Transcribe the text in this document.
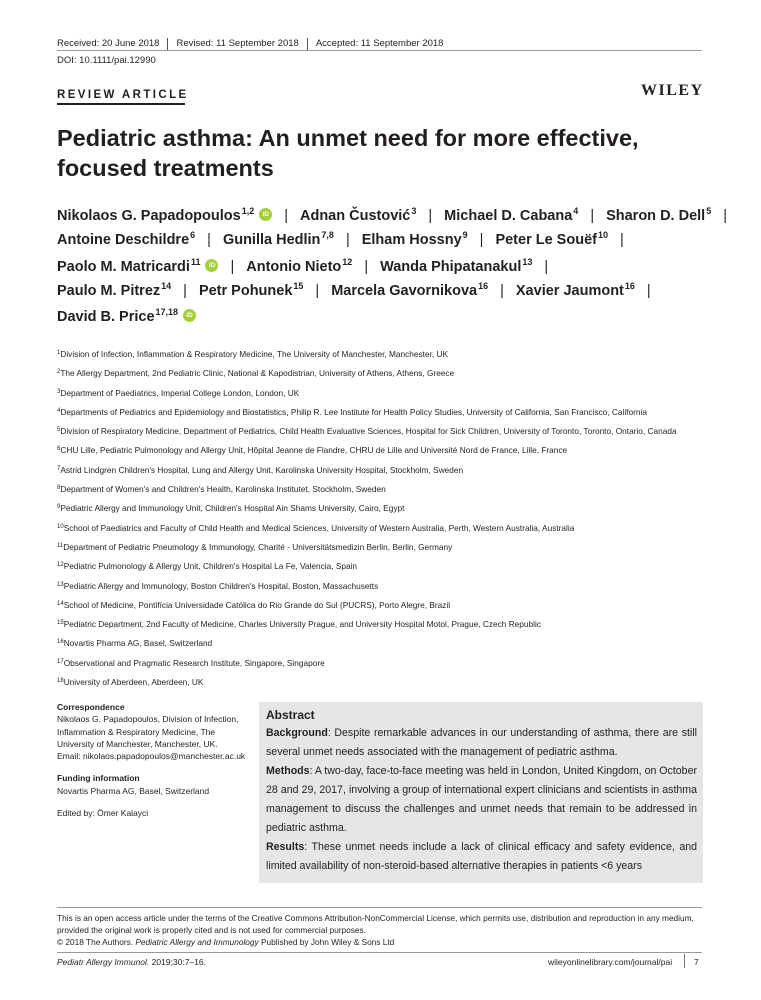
Received: 20 June 2018 Revised: 11 September 2018 Accepted: 11 September 2018
DOI: 10.1111/pai.12990
REVIEW ARTICLE	WILEY
Pediatric asthma: An unmet need for more effective, focused treatments
Nikolaos G. Papadopoulos$^{1,2}$ iD | Adnan Čustović$^3$ | Michael D. Cabana$^4$ | Sharon D. Dell$^5$ |
Antoine Deschildre$^6$ | Gunilla Hedlin$^{7,8}$ | Elham Hossny$^9$ | Peter Le Souëf$^{10}$ |
Paolo M. Matricardi$^{11}$ iD | Antonio Nieto$^{12}$ | Wanda Phipatanakul$^{13}$ |
Paulo M. Pitrez$^{14}$ | Petr Pohunek$^{15}$ | Marcela Gavornikova$^{16}$ | Xavier Jaumont$^{16}$ |
David B. Price$^{17,18}$
iD
$^1$Division of Infection, Inflammation & Respiratory Medicine, The University of Manchester, Manchester, UK
$^2$The Allergy Department, 2nd Pediatric Clinic, National & Kapodistrian, University of Athens, Athens, Greece
$^3$Department of Paediatrics, Imperial College London, London, UK
$^4$Departments of Pediatrics and Epidemiology and Biostatistics, Philip R. Lee Institute for Health Policy Studies, University of California, San Francisco, California
$^5$Division of Respiratory Medicine, Department of Pediatrics, Child Health Evaluative Sciences, Hospital for Sick Children, University of Toronto, Toronto, Ontario, Canada
$^6$CHU Lille, Pediatric Pulmonology and Allergy Unit, Hôpital Jeanne de Flandre, CHRU de Lille and Université Nord de France, Lille, France
$^7$Astrid Lindgren Children's Hospital, Lung and Allergy Unit, Karolinska University Hospital, Stockholm, Sweden
$^8$Department of Women's and Children's Health, Karolinska Institutet, Stockholm, Sweden
$^9$Pediatric Allergy and Immunology Unit, Children's Hospital Ain Shams University, Cairo, Egypt
$^{10}$School of Paediatrics and Faculty of Child Health and Medical Sciences, University of Western Australia, Perth, Western Australia, Australia
$^{11}$Department of Pediatric Pneumology & Immunology, Charité - Universitätsmedizin Berlin, Berlin, Germany
$^{12}$Pediatric Pulmonology & Allergy Unit, Children's Hospital La Fe, Valencia, Spain
$^{13}$Pediatric Allergy and Immunology, Boston Children's Hospital, Boston, Massachusetts
$^{14}$School of Medicine, Pontifícia Universidade Católica do Rio Grande do Sul (PUCRS), Porto Alegre, Brazil
$^{15}$Pediatric Department, 2nd Faculty of Medicine, Charles University Prague, and University Hospital Motol, Prague, Czech Republic
$^{16}$Novartis Pharma AG, Basel, Switzerland
$^{17}$Observational and Pragmatic Research Institute, Singapore, Singapore
$^{18}$University of Aberdeen, Aberdeen, UK

Correspondence

Nikolaos G. Papadopoulos, Division of Infection, Inflammation & Respiratory Medicine, The University of Manchester, Manchester, UK.

Email: nikolaos.papadopoulos@manchester.ac.uk

Funding information

Novartis Pharma AG, Basel, Switzerland

Edited by: Ömer Kalayci

Abstract

Background: Despite remarkable advances in our understanding of asthma, there are still several unmet needs associated with the management of pediatric asthma.

Methods: A two-day, face-to-face meeting was held in London, United Kingdom, on October 28 and 29, 2017, involving a group of international expert clinicians and scientists in asthma management to discuss the challenges and unmet needs that remain to be addressed in pediatric asthma.

Results: These unmet needs include a lack of clinical efficacy and safety evidence, and limited availability of non-steroid-based alternative therapies in patients <6 years

This is an open access article under the terms of the Creative Commons Attribution-NonCommercial License, which permits use, distribution and reproduction in any medium, provided the original work is properly cited and is not used for commercial purposes.
© 2018 The Authors. Pediatric Allergy and Immunology Published by John Wiley & Sons Ltd
Pediatr Allergy Immunol. 2019;30:7–16.	wileyonlinelibrary.com/journal/pai	7
